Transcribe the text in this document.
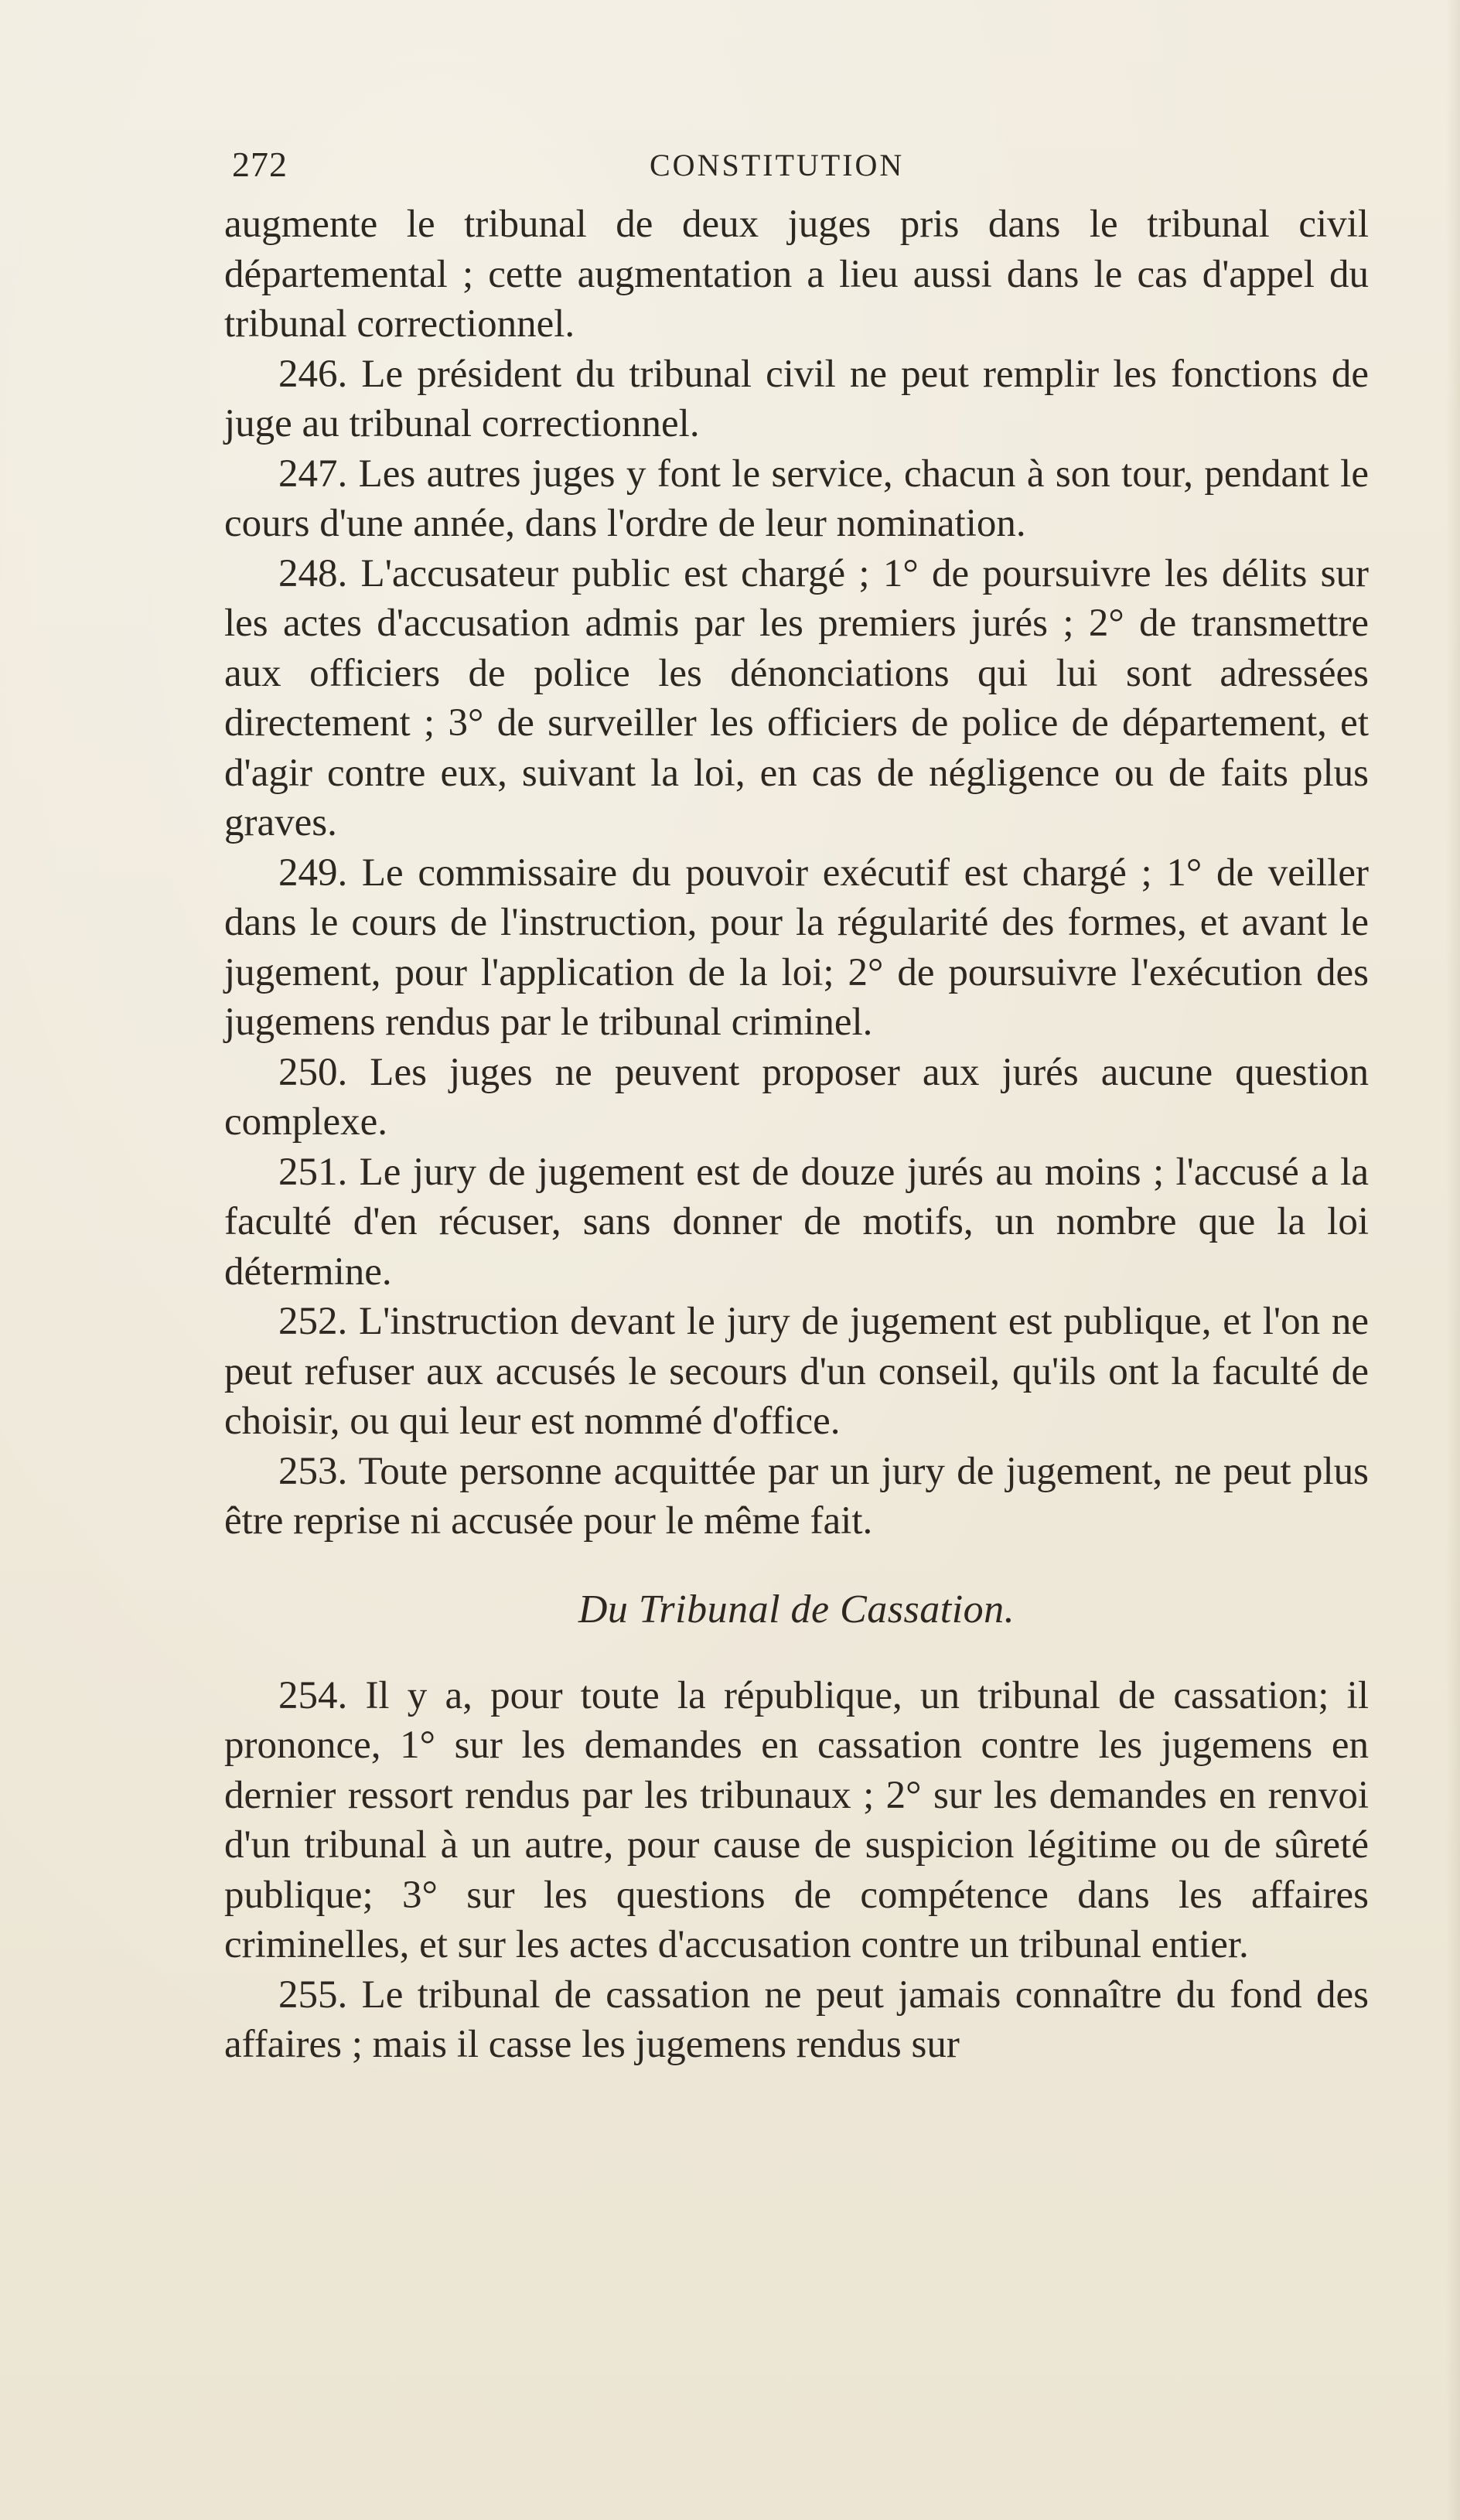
272	CONSTITUTION

augmente le tribunal de deux juges pris dans le tribunal civil départemental ; cette augmentation a lieu aussi dans le cas d'appel du tribunal correctionnel.

246. Le président du tribunal civil ne peut remplir les fonctions de juge au tribunal correctionnel.

247. Les autres juges y font le service, chacun à son tour, pendant le cours d'une année, dans l'ordre de leur nomination.

248. L'accusateur public est chargé ; 1° de poursuivre les délits sur les actes d'accusation admis par les premiers jurés ; 2° de transmettre aux officiers de police les dénonciations qui lui sont adressées directement ; 3° de surveiller les officiers de police de département, et d'agir contre eux, suivant la loi, en cas de négligence ou de faits plus graves.

249. Le commissaire du pouvoir exécutif est chargé ; 1° de veiller dans le cours de l'instruction, pour la régularité des formes, et avant le jugement, pour l'application de la loi; 2° de poursuivre l'exécution des jugemens rendus par le tribunal criminel.

250. Les juges ne peuvent proposer aux jurés aucune question complexe.

251. Le jury de jugement est de douze jurés au moins ; l'accusé a la faculté d'en récuser, sans donner de motifs, un nombre que la loi détermine.

252. L'instruction devant le jury de jugement est publique, et l'on ne peut refuser aux accusés le secours d'un conseil, qu'ils ont la faculté de choisir, ou qui leur est nommé d'office.

253. Toute personne acquittée par un jury de jugement, ne peut plus être reprise ni accusée pour le même fait.

Du Tribunal de Cassation.

254. Il y a, pour toute la république, un tribunal de cassation; il prononce, 1° sur les demandes en cassation contre les jugemens en dernier ressort rendus par les tribunaux ; 2° sur les demandes en renvoi d'un tribunal à un autre, pour cause de suspicion légitime ou de sûreté publique; 3° sur les questions de compétence dans les affaires criminelles, et sur les actes d'accusation contre un tribunal entier.

255. Le tribunal de cassation ne peut jamais connaître du fond des affaires ; mais il casse les jugemens rendus sur
